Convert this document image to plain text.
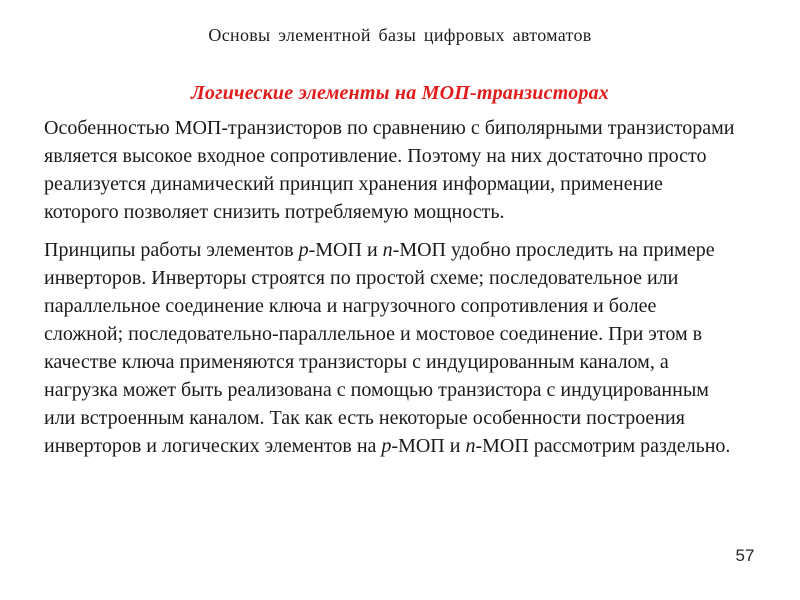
Основы элементной базы цифровых автоматов
Логические элементы на МОП-транзисторах
Особенностью МОП-транзисторов по сравнению с биполярными транзисторами
является высокое входное сопротивление. Поэтому на них достаточно просто
реализуется динамический принцип хранения информации, применение
которого позволяет снизить потребляемую мощность.
Принципы работы элементов p-МОП и n-МОП удобно проследить на примере
инверторов. Инверторы строятся по простой схеме; последовательное или
параллельное соединение ключа и нагрузочного сопротивления и более
сложной; последовательно-параллельное и мостовое соединение. При этом в
качестве ключа применяются транзисторы с индуцированным каналом, а
нагрузка может быть реализована с помощью транзистора с индуцированным
или встроенным каналом. Так как есть некоторые особенности построения
инверторов и логических элементов на p-МОП и n-МОП рассмотрим раздельно.
57
